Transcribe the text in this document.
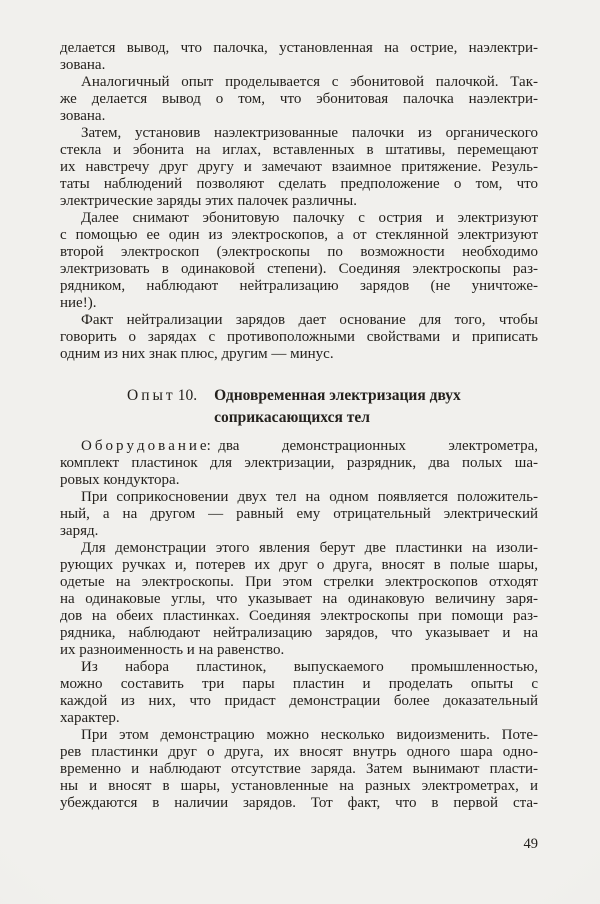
делается вывод, что палочка, установленная на острие, наэлектри-
зована.
Аналогичный опыт проделывается с эбонитовой палочкой. Так-
же делается вывод о том, что эбонитовая палочка наэлектри-
зована.
Затем, установив наэлектризованные палочки из органического
стекла и эбонита на иглах, вставленных в штативы, перемещают
их навстречу друг другу и замечают взаимное притяжение. Резуль-
таты наблюдений позволяют сделать предположение о том, что
электрические заряды этих палочек различны.
Далее снимают эбонитовую палочку с острия и электризуют
с помощью ее один из электроскопов, а от стеклянной электризуют
второй электроскоп (электроскопы по возможности необходимо
электризовать в одинаковой степени). Соединяя электроскопы раз-
рядником, наблюдают нейтрализацию зарядов (не уничтоже-
ние!).
Факт нейтрализации зарядов дает основание для того, чтобы
говорить о зарядах с противоположными свойствами и приписать
одним из них знак плюс, другим — минус.
Опыт 10. Одновременная электризация двух
соприкасающихся тел
О б о р у д о в а н и е: два демонстрационных электрометра,
комплект пластинок для электризации, разрядник, два полых ша-
ровых кондуктора.
При соприкосновении двух тел на одном появляется положитель-
ный, а на другом — равный ему отрицательный электрический
заряд.
Для демонстрации этого явления берут две пластинки на изоли-
рующих ручках и, потерев их друг о друга, вносят в полые шары,
одетые на электроскопы. При этом стрелки электроскопов отходят
на одинаковые углы, что указывает на одинаковую величину заря-
дов на обеих пластинках. Соединяя электроскопы при помощи раз-
рядника, наблюдают нейтрализацию зарядов, что указывает и на
их разноименность и на равенство.
Из набора пластинок, выпускаемого промышленностью,
можно составить три пары пластин и проделать опыты с
каждой из них, что придаст демонстрации более доказательный
характер.
При этом демонстрацию можно несколько видоизменить. Поте-
рев пластинки друг о друга, их вносят внутрь одного шара одно-
временно и наблюдают отсутствие заряда. Затем вынимают пласти-
ны и вносят в шары, установленные на разных электрометрах, и
убеждаются в наличии зарядов. Тот факт, что в первой ста-
49
